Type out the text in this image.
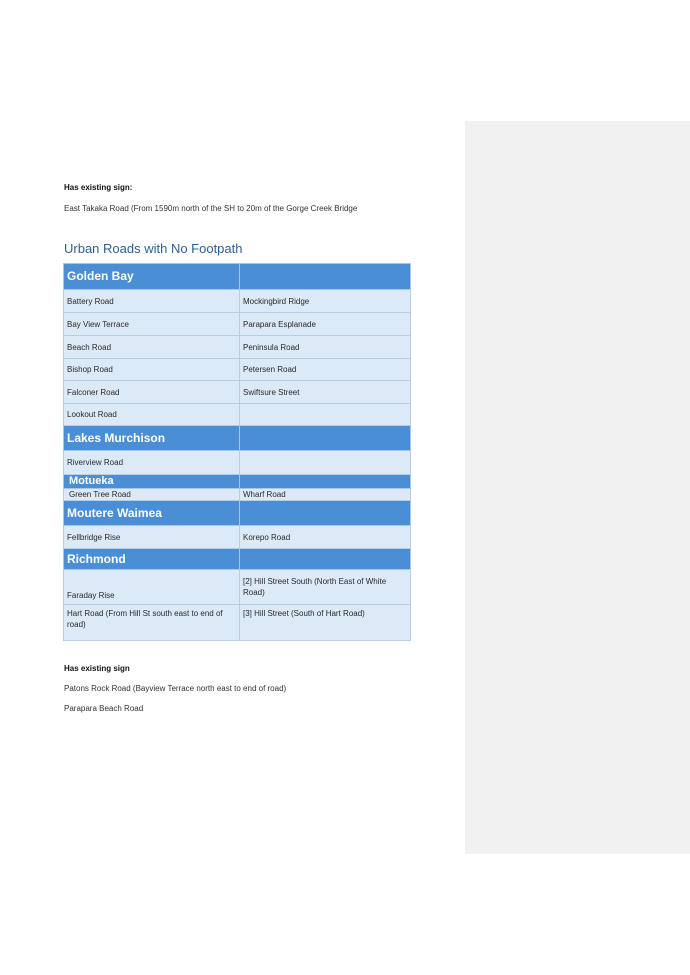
Has existing sign:
East Takaka Road (From 1590m north of the SH to 20m of the Gorge Creek Bridge
Urban Roads with No Footpath
Golden Bay	
Battery Road	Mockingbird Ridge
Bay View Terrace	Parapara Esplanade
Beach Road	Peninsula Road
Bishop Road	Petersen Road
Falconer Road	Swiftsure Street
Lookout Road	
Lakes Murchison	
Riverview Road	
Motueka	
Green Tree Road	Wharf Road
Moutere Waimea	
Fellbridge Rise	Korepo Road
Richmond	
Faraday Rise	[2] Hill Street South (North East of White Road)
Hart Road (From Hill St south east to end of road)	[3] Hill Street (South of Hart Road)
Has existing sign
Patons Rock Road (Bayview Terrace north east to end of road)
Parapara Beach Road
